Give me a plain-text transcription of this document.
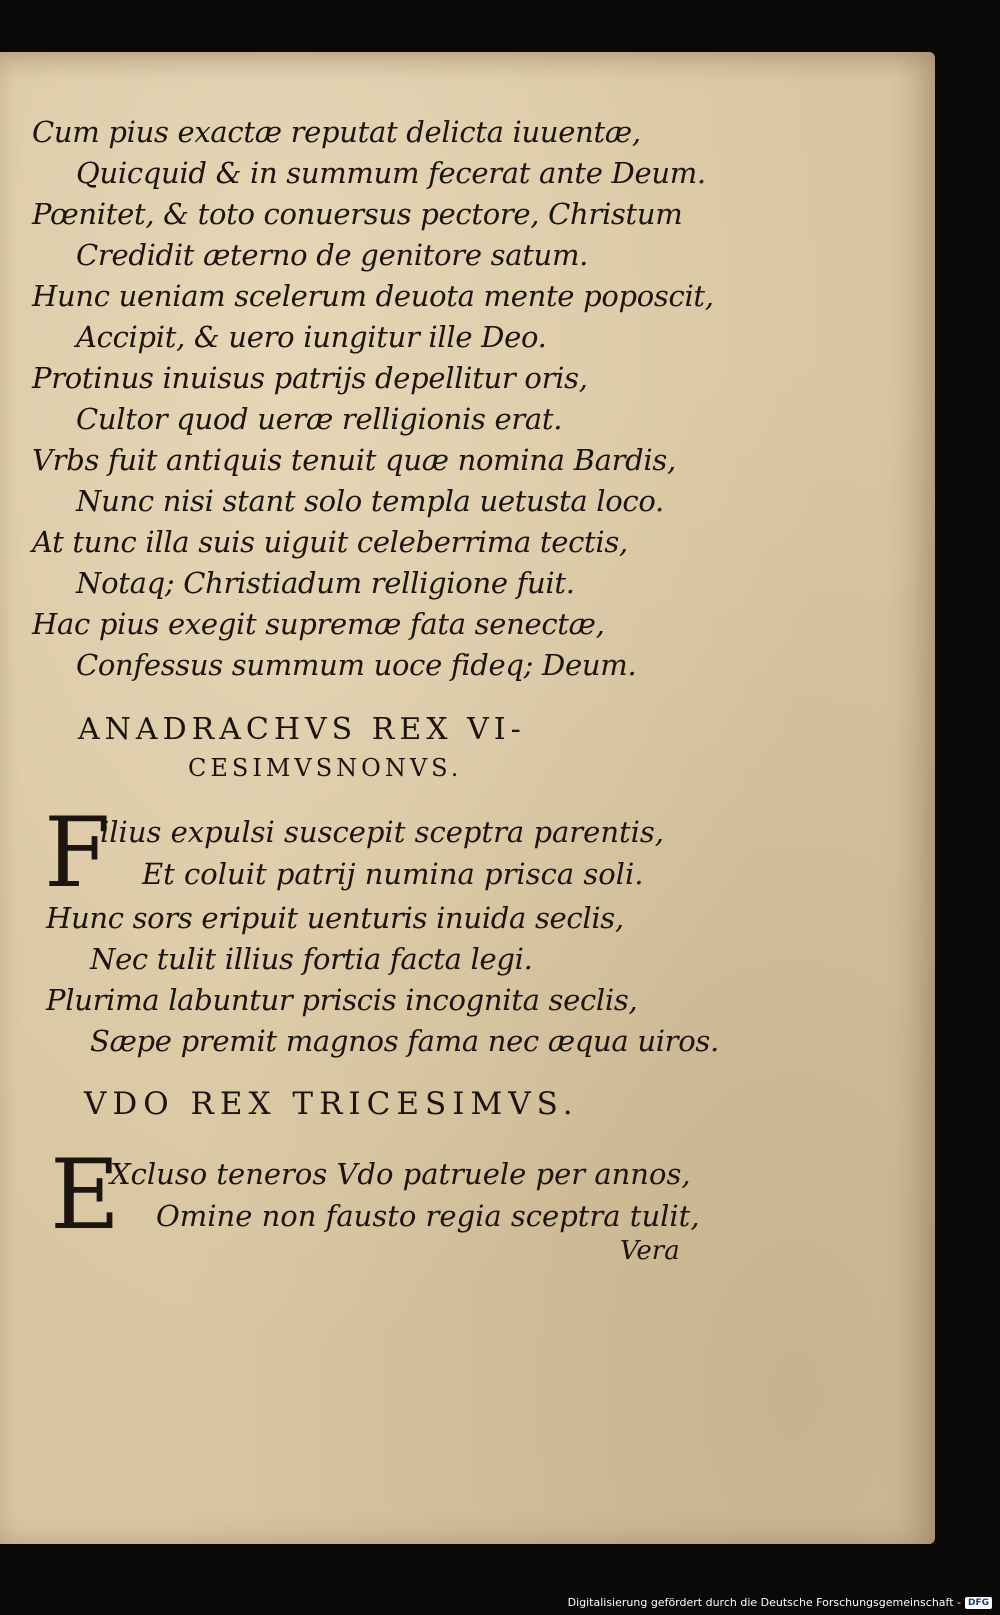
Cum pius exactæ reputat delicta iuuentæ,
Quicquid & in summum fecerat ante Deum.
Pœnitet, & toto conuersus pectore, Christum
Credidit æterno de genitore satum.
Hunc ueniam scelerum deuota mente poposcit,
Accipit, & uero iungitur ille Deo.
Protinus inuisus patrijs depellitur oris,
Cultor quod ueræ relligionis erat.
Vrbs fuit antiquis tenuit quæ nomina Bardis,
Nunc nisi stant solo templa uetusta loco.
At tunc illa suis uiguit celeberrima tectis,
Notaq; Christiadum relligione fuit.
Hac pius exegit supremæ fata senectæ,
Confessus summum uoce fideq; Deum.
ANADRACHVS REX VI-
CESIMVSNONVS.
F
ilius expulsi suscepit sceptra parentis,
Et coluit patrij numina prisca soli.
Hunc sors eripuit uenturis inuida seclis,
Nec tulit illius fortia facta legi.
Plurima labuntur priscis incognita seclis,
Sæpe premit magnos fama nec æqua uiros.
VDO REX TRICESIMVS.
E
Xcluso teneros Vdo patruele per annos,
Omine non fausto regia sceptra tulit,
Vera
Digitalisierung gefördert durch die Deutsche Forschungsgemeinschaft - DFG
